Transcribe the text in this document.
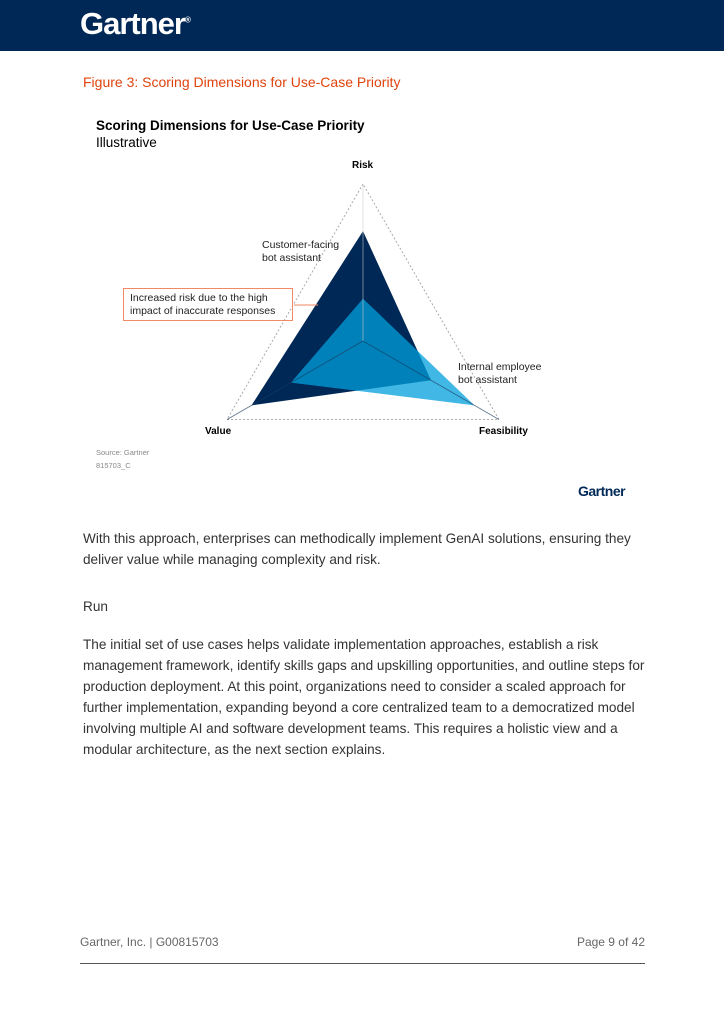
Gartner®
Figure 3: Scoring Dimensions for Use-Case Priority
Scoring Dimensions for Use-Case Priority
Illustrative
Risk
Value	Feasibility
Customer-facing
bot assistant
Internal employee
bot assistant
Increased risk due to the high
impact of inaccurate responses
Source: Gartner
815703_C
Gartner
With this approach, enterprises can methodically implement GenAI solutions, ensuring they deliver value while managing complexity and risk.
Run
The initial set of use cases helps validate implementation approaches, establish a risk management framework, identify skills gaps and upskilling opportunities, and outline steps for production deployment. At this point, organizations need to consider a scaled approach for further implementation, expanding beyond a core centralized team to a democratized model involving multiple AI and software development teams. This requires a holistic view and a modular architecture, as the next section explains.
Gartner, Inc. | G00815703	Page 9 of 42
